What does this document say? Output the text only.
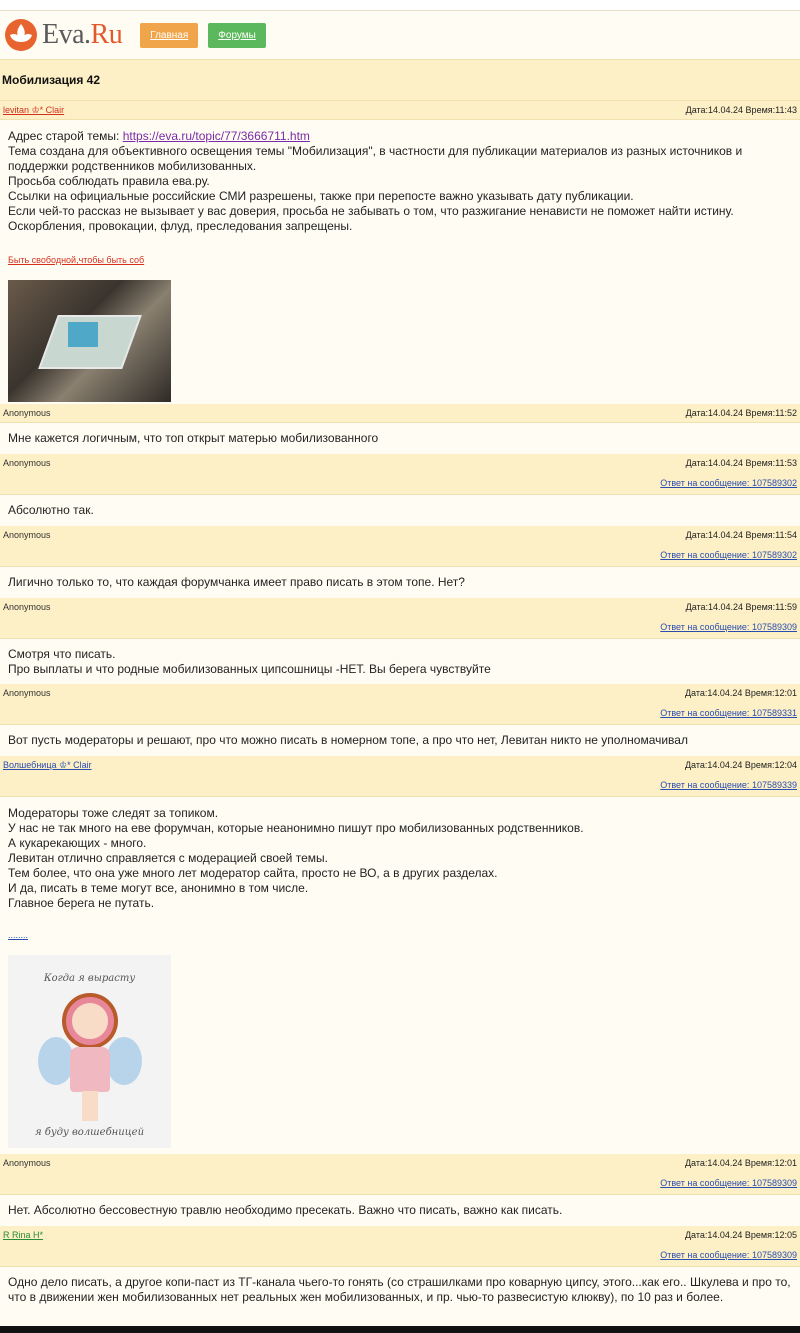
Eva.Ru	Главная	Форумы
Мобилизация 42
levitan ♔* Clair	Дата:14.04.24 Время:11:43

Адрес старой темы: https://eva.ru/topic/77/3666711.htm

Тема создана для объективного освещения темы "Мобилизация", в частности для публикации материалов из разных источников и поддержки родственников мобилизованных.

Просьба соблюдать правила ева.ру.

Ссылки на официальные российские СМИ разрешены, также при перепосте важно указывать дату публикации.

Если чей-то рассказ не вызывает у вас доверия, просьба не забывать о том, что разжигание ненависти не поможет найти истину.

Оскорбления, провокации, флуд, преследования запрещены.

Быть свободной,чтобы быть соб
Anonymous	Дата:14.04.24 Время:11:52

Мне кажется логичным, что топ открыт матерью мобилизованного

Anonymous	Дата:14.04.24 Время:11:53
Ответ на сообщение: 107589302

Абсолютно так.

Anonymous	Дата:14.04.24 Время:11:54
Ответ на сообщение: 107589302

Лигично только то, что каждая форумчанка имеет право писать в этом топе. Нет?

Anonymous	Дата:14.04.24 Время:11:59
Ответ на сообщение: 107589309

Смотря что писать.

Про выплаты и что родные мобилизованных ципсошницы -НЕТ. Вы берега чувствуйте

Anonymous	Дата:14.04.24 Время:12:01
Ответ на сообщение: 107589331

Вот пусть модераторы и решают, про что можно писать в номерном топе, а про что нет, Левитан никто не уполномачивал

Волшебница ♔* Clair	Дата:14.04.24 Время:12:04
Ответ на сообщение: 107589339

Модераторы тоже следят за топиком.

У нас не так много на еве форумчан, которые неанонимно пишут про мобилизованных родственников.

А кукарекающих - много.

Левитан отлично справляется с модерацией своей темы.

Тем более, что она уже много лет модератор сайта, просто не ВО, а в других разделах.

И да, писать в теме могут все, анонимно в том числе.

Главное берега не путать.

........
Когда я вырасту
я буду волшебницей
Anonymous	Дата:14.04.24 Время:12:01
Ответ на сообщение: 107589309

Нет. Абсолютно бессовестную травлю необходимо пресекать. Важно что писать, важно как писать.

R Rina H*	Дата:14.04.24 Время:12:05
Ответ на сообщение: 107589309

Одно дело писать, а другое копи-паст из ТГ-канала чьего-то гонять (со страшилками про коварную ципсу, этого...как его.. Шкулева и про то, что в движении жен мобилизованных нет реальных жен мобилизованных, и пр. чью-то развесистую клюкву), по 10 раз и более.
